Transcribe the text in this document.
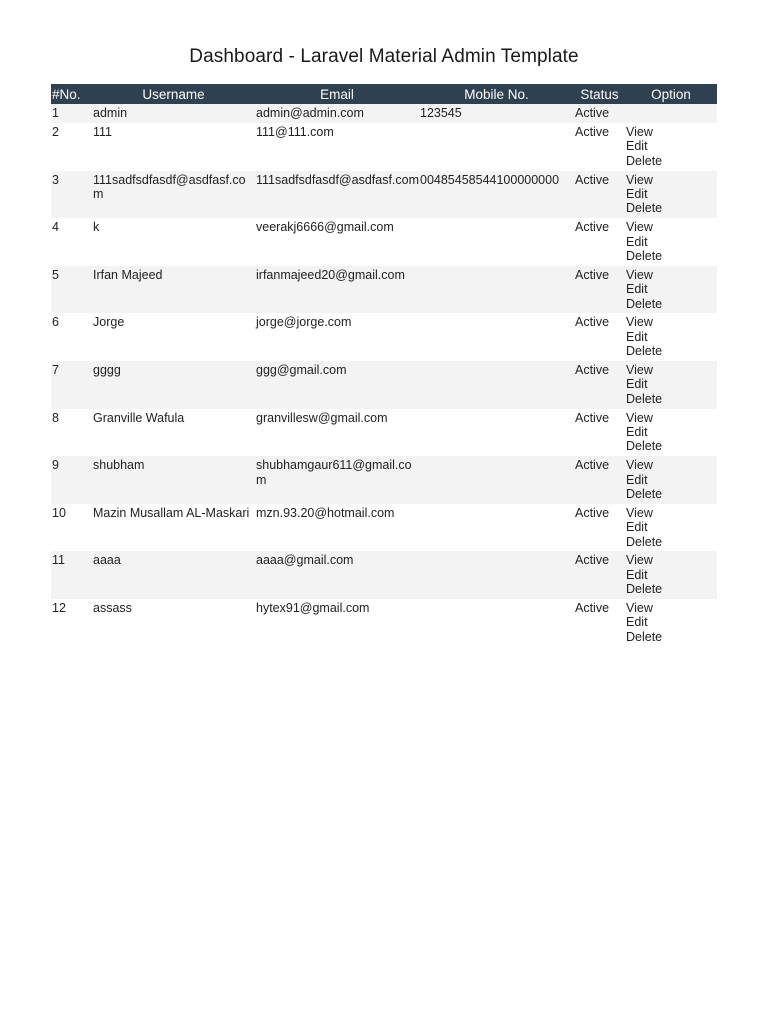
Dashboard - Laravel Material Admin Template
#No.	Username	Email	Mobile No.	Status	Option
1	admin	admin@admin.com	123545	Active	
2	111	111@111.com		Active	View
Edit
Delete

3	111sadfsdfasdf@asdfasf.com	111sadfsdfasdf@asdfasf.com	00485458544100000000	Active	View
Edit
Delete

4	k	veerakj6666@gmail.com		Active	View
Edit
Delete

5	Irfan Majeed	irfanmajeed20@gmail.com		Active	View
Edit
Delete

6	Jorge	jorge@jorge.com		Active	View
Edit
Delete

7	gggg	ggg@gmail.com		Active	View
Edit
Delete

8	Granville Wafula	granvillesw@gmail.com		Active	View
Edit
Delete

9	shubham	shubhamgaur611@gmail.com		Active	View
Edit
Delete

10	Mazin Musallam AL-Maskari	mzn.93.20@hotmail.com		Active	View
Edit
Delete

11	aaaa	aaaa@gmail.com		Active	View
Edit
Delete

12	assass	hytex91@gmail.com		Active	View
Edit
Delete
